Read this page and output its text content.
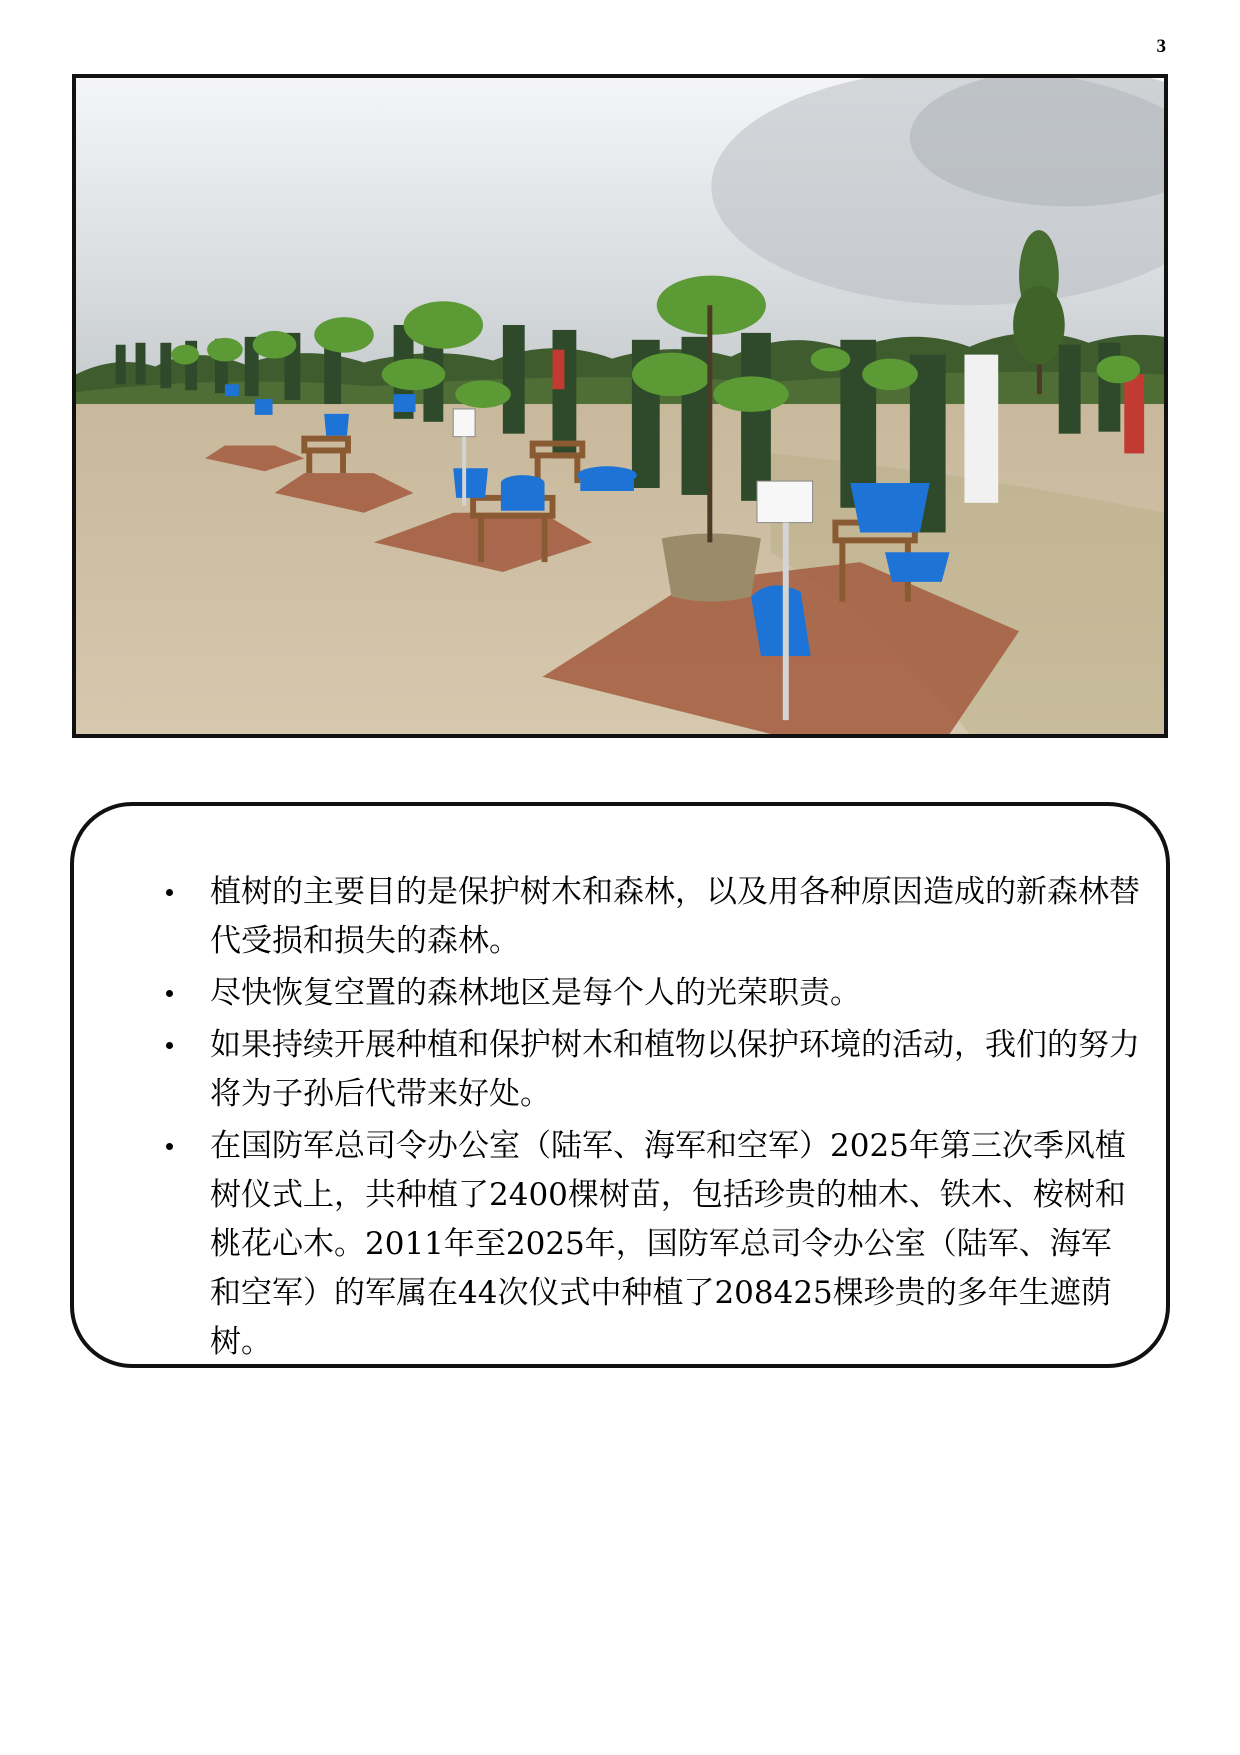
3
植树的主要目的是保护树木和森林，以及用各种原因造成的新森林替代受损和损失的森林。
尽快恢复空置的森林地区是每个人的光荣职责。
如果持续开展种植和保护树木和植物以保护环境的活动，我们的努力将为子孙后代带来好处。
在国防军总司令办公室（陆军、海军和空军）2025年第三次季风植树仪式上，共种植了2400棵树苗，包括珍贵的柚木、铁木、桉树和桃花心木。2011年至2025年，国防军总司令办公室（陆军、海军和空军）的军属在44次仪式中种植了208425棵珍贵的多年生遮荫树。
